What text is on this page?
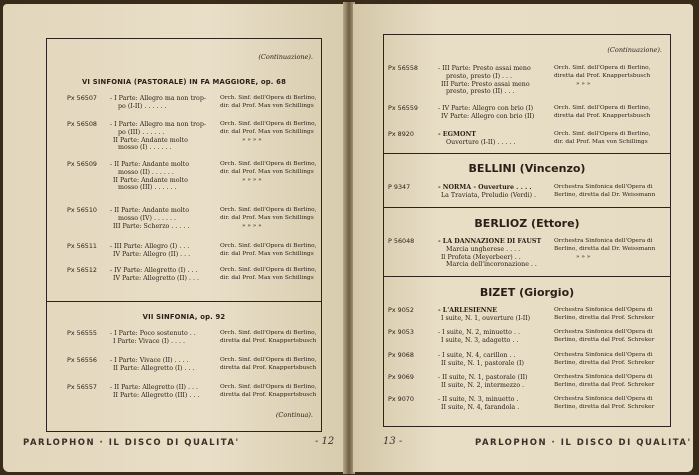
(Continuazione).
VI SINFONIA (PASTORALE) IN FA MAGGIORE, op. 68
Px 56507 - I Parte: Allegro ma non trop-
po (I-II) . . . . . .
Orch. Sinf. dell'Opera di Berlino,
dir. dal Prof. Max von Schillings
Px 56508 - I Parte: Allegro ma non trop-
po (III) . . . . . .
II Parte: Andante molto
mosso (I) . . . . . .
Orch. Sinf. dell'Opera di Berlino,
dir. dal Prof. Max von Schillings
» » » »
Px 56509 - II Parte: Andante molto
mosso (II) . . . . . .
II Parte: Andante molto
mosso (III) . . . . . .
Orch. Sinf. dell'Opera di Berlino,
dir. dal Prof. Max von Schillings
» » » »
Px 56510 - II Parte: Andante molto
mosso (IV) . . . . . .
III Parte: Scherzo . . . . .
Orch. Sinf. dell'Opera di Berlino,
dir. dal Prof. Max von Schillings
» » » »
Px 56511 - III Parte: Allegro (I) . . .
IV Parte: Allegro (II) . . .
Orch. Sinf. dell'Opera di Berlino,
dir. dal Prof. Max von Schillings
Px 56512 - IV Parte: Allegretto (I) . . .
IV Parte: Allegretto (II) . . .
Orch. Sinf. dell'Opera di Berlino,
dir. dal Prof. Max von Schillings
VII SINFONIA, op. 92
Px 56555 - I Parte: Poco sostenuto . .
I Parte: Vivace (I) . . . .
Orch. Sinf. dell'Opera di Berlino,
diretta dal Prof. Knappertsbusch
Px 56556 - I Parte: Vivace (II) . . . .
II Parte: Allegretto (I) . . .
Orch. Sinf. dell'Opera di Berlino,
diretta dal Prof. Knappertsbusch
Px 56557 - II Parte: Allegretto (II) . . .
II Parte: Allegretto (III) . . .
Orch. Sinf. dell'Opera di Berlino,
diretta dal Prof. Knappertsbusch
(Continua).
PARLOPHON · IL DISCO DI QUALITA'	- 12
(Continuazione).
Px 56558	- III Parte: Presto assai meno
presto, presto (I) . . .
III Parte: Presto assai meno
presto, presto (II) . . .
Orch. Sinf. dell'Opera di Berlino,
diretta dal Prof. Knappertsbusch
» » »
Px 56559	- IV Parte: Allegro con brio (I)
IV Parte: Allegro con brio (II)
Orch. Sinf. dell'Opera di Berlino,
diretta dal Prof. Knappertsbusch
Px 8920	- EGMONT
Ouverture (I-II) . . . . .
Orch. Sinf. dell'Opera di Berlino,
dir. dal Prof. Max von Schillings
BELLINI (Vincenzo)
P 9347	- NORMA - Ouverture . . . .
La Traviata, Preludio (Verdi) .
Orchestra Sinfonica dell'Opera di
Berlino, diretta dal Dr. Weissmann
BERLIOZ (Ettore)
P 56048	- LA DANNAZIONE DI FAUST
Marcia ungherese . . . .
Il Profeta (Meyerbeer) . .
Marcia dell'incoronazione . .
Orchestra Sinfonica dell'Opera di
Berlino, diretta dal Dr. Weissmann
» » »
BIZET (Giorgio)
Px 9052	- L'ARLESIENNE
I suite, N. 1, ouverture (I-II)
Orchestra Sinfonica dell'Opera di
Berlino, diretta dal Prof. Schreker
Px 9053	- I suite, N. 2, minuetto . .
I suite, N. 3, adagetto . .
Orchestra Sinfonica dell'Opera di
Berlino, diretta dal Prof. Schreker
Px 9068	- I suite, N. 4, carillon . .
II suite, N. 1, pastorale (I)
Orchestra Sinfonica dell'Opera di
Berlino, diretta dal Prof. Schreker
Px 9069	- II suite, N. 1, pastorale (II)
II suite, N. 2, intermezzo .
Orchestra Sinfonica dell'Opera di
Berlino, diretta dal Prof. Schreker
Px 9070	- II suite, N. 3, minuetto .
II suite, N. 4, farandola .
Orchestra Sinfonica dell'Opera di
Berlino, diretta dal Prof. Schreker
13 -	PARLOPHON · IL DISCO DI QUALITA'
